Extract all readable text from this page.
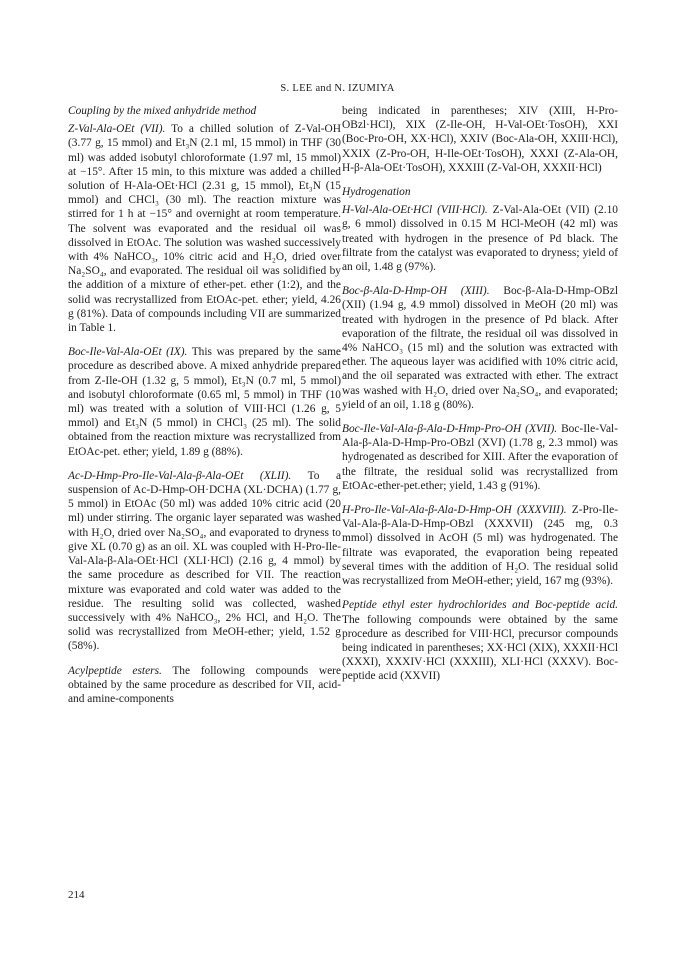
S. LEE and N. IZUMIYA

Coupling by the mixed anhydride method

Z-Val-Ala-OEt (VII). To a chilled solution of Z-Val-OH (3.77 g, 15 mmol) and Et₃N (2.1 ml, 15 mmol) in THF (30 ml) was added isobutyl chloroformate (1.97 ml, 15 mmol) at −15°. After 15 min, to this mixture was added a chilled solution of H-Ala-OEt·HCl (2.31 g, 15 mmol), Et₃N (15 mmol) and CHCl₃ (30 ml). The reaction mixture was stirred for 1 h at −15° and overnight at room temperature. The solvent was evaporated and the residual oil was dissolved in EtOAc. The solution was washed successively with 4% NaHCO₃, 10% citric acid and H₂O, dried over Na₂SO₄, and evaporated. The residual oil was solidified by the addition of a mixture of ether-pet. ether (1:2), and the solid was recrystallized from EtOAc-pet. ether; yield, 4.26 g (81%). Data of compounds including VII are summarized in Table 1.

Boc-Ile-Val-Ala-OEt (IX). This was prepared by the same procedure as described above. A mixed anhydride prepared from Z-Ile-OH (1.32 g, 5 mmol), Et₃N (0.7 ml, 5 mmol) and isobutyl chloroformate (0.65 ml, 5 mmol) in THF (10 ml) was treated with a solution of VIII·HCl (1.26 g, 5 mmol) and Et₃N (5 mmol) in CHCl₃ (25 ml). The solid obtained from the reaction mixture was recrystallized from EtOAc-pet. ether; yield, 1.89 g (88%).

Ac-D-Hmp-Pro-Ile-Val-Ala-β-Ala-OEt (XLII). To a suspension of Ac-D-Hmp-OH·DCHA (XL·DCHA) (1.77 g, 5 mmol) in EtOAc (50 ml) was added 10% citric acid (20 ml) under stirring. The organic layer separated was washed with H₂O, dried over Na₂SO₄, and evaporated to dryness to give XL (0.70 g) as an oil. XL was coupled with H-Pro-Ile-Val-Ala-β-Ala-OEt·HCl (XLI·HCl) (2.16 g, 4 mmol) by the same procedure as described for VII. The reaction mixture was evaporated and cold water was added to the residue. The resulting solid was collected, washed successively with 4% NaHCO₃, 2% HCl, and H₂O. The solid was recrystallized from MeOH-ether; yield, 1.52 g (58%).

Acylpeptide esters. The following compounds were obtained by the same procedure as described for VII, acid- and amine-components

being indicated in parentheses; XIV (XIII, H-Pro-OBzl·HCl), XIX (Z-Ile-OH, H-Val-OEt·TosOH), XXI (Boc-Pro-OH, XX·HCl), XXIV (Boc-Ala-OH, XXIII·HCl), XXIX (Z-Pro-OH, H-Ile-OEt·TosOH), XXXI (Z-Ala-OH, H-β-Ala-OEt·TosOH), XXXIII (Z-Val-OH, XXXII·HCl)

Hydrogenation

H-Val-Ala-OEt·HCl (VIII·HCl). Z-Val-Ala-OEt (VII) (2.10 g, 6 mmol) dissolved in 0.15 M HCl-MeOH (42 ml) was treated with hydrogen in the presence of Pd black. The filtrate from the catalyst was evaporated to dryness; yield of an oil, 1.48 g (97%).

Boc-β-Ala-D-Hmp-OH (XIII). Boc-β-Ala-D-Hmp-OBzl (XII) (1.94 g, 4.9 mmol) dissolved in MeOH (20 ml) was treated with hydrogen in the presence of Pd black. After evaporation of the filtrate, the residual oil was dissolved in 4% NaHCO₃ (15 ml) and the solution was extracted with ether. The aqueous layer was acidified with 10% citric acid, and the oil separated was extracted with ether. The extract was washed with H₂O, dried over Na₂SO₄, and evaporated; yield of an oil, 1.18 g (80%).

Boc-Ile-Val-Ala-β-Ala-D-Hmp-Pro-OH (XVII). Boc-Ile-Val-Ala-β-Ala-D-Hmp-Pro-OBzl (XVI) (1.78 g, 2.3 mmol) was hydrogenated as described for XIII. After the evaporation of the filtrate, the residual solid was recrystallized from EtOAc-ether-pet.ether; yield, 1.43 g (91%).

H-Pro-Ile-Val-Ala-β-Ala-D-Hmp-OH (XXXVIII). Z-Pro-Ile-Val-Ala-β-Ala-D-Hmp-OBzl (XXXVII) (245 mg, 0.3 mmol) dissolved in AcOH (5 ml) was hydrogenated. The filtrate was evaporated, the evaporation being repeated several times with the addition of H₂O. The residual solid was recrystallized from MeOH-ether; yield, 167 mg (93%).

Peptide ethyl ester hydrochlorides and Boc-peptide acid. The following compounds were obtained by the same procedure as described for VIII·HCl, precursor compounds being indicated in parentheses; XX·HCl (XIX), XXXII·HCl (XXXI), XXXIV·HCl (XXXIII), XLI·HCl (XXXV). Boc-peptide acid (XXVII)

214
